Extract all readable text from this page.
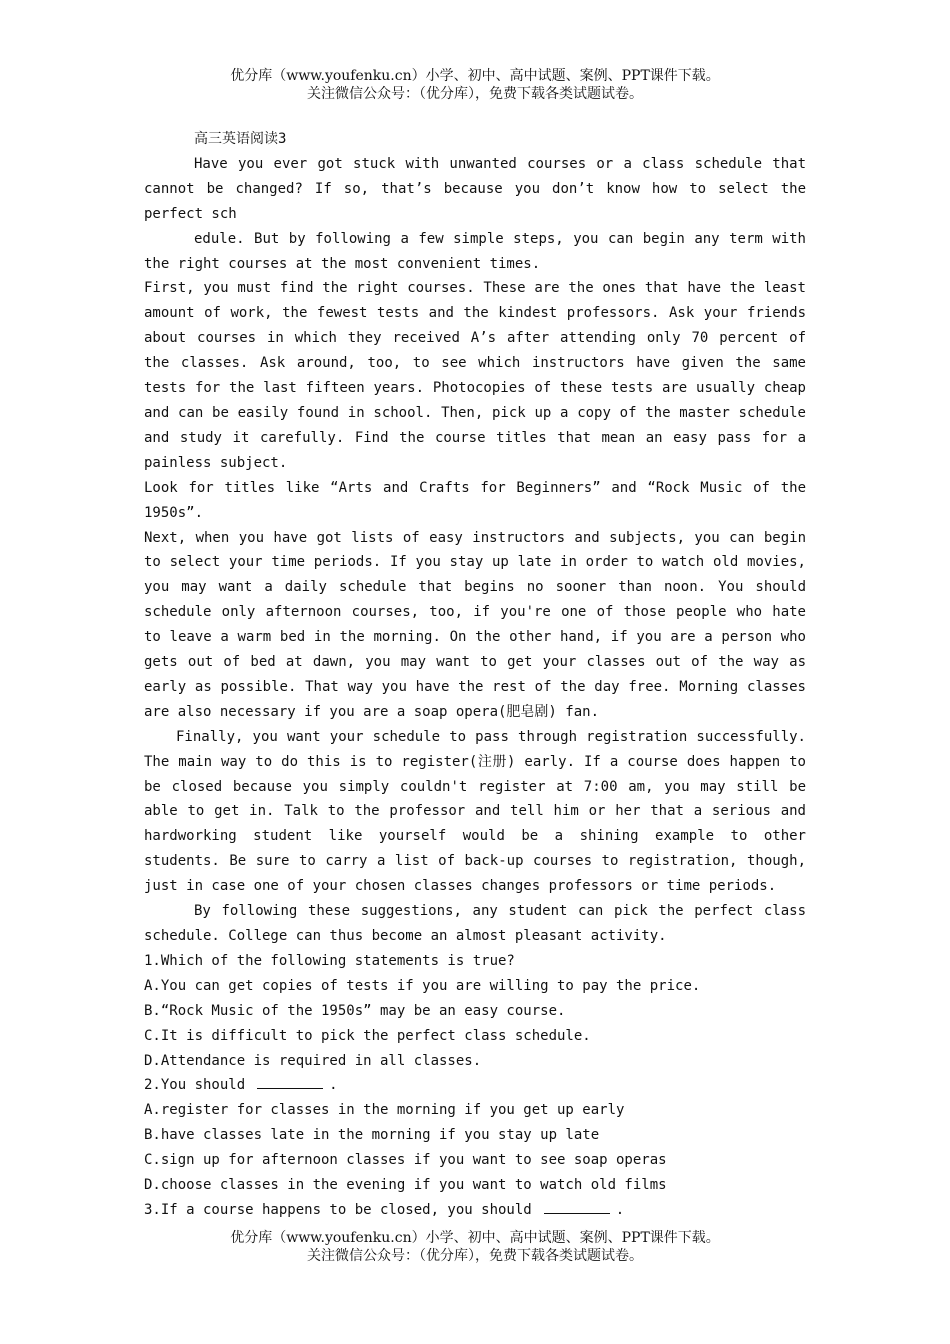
优分库（www.youfenku.cn）小学、初中、高中试题、案例、PPT课件下载。
关注微信公众号：（优分库），免费下载各类试题试卷。

高三英语阅读3

Have you ever got stuck with unwanted courses or a class schedule that cannot be changed? If so, that’s because you don’t know how to select the perfect sch

edule. But by following a few simple steps, you can begin any term with the right courses at the most convenient times.

First, you must find the right courses. These are the ones that have the least amount of work, the fewest tests and the kindest professors. Ask your friends about courses in which they received A’s after attending only 70 percent of the classes. Ask around, too, to see which instructors have given the same tests for the last fifteen years. Photocopies of these tests are usually cheap and can be easily found in school. Then, pick up a copy of the master schedule and study it carefully. Find the course titles that mean an easy pass for a painless subject.

Look for titles like “Arts and Crafts for Beginners” and “Rock Music of the 1950s”.

Next, when you have got lists of easy instructors and subjects, you can begin to select your time periods. If you stay up late in order to watch old movies, you may want a daily schedule that begins no sooner than noon. You should schedule only afternoon courses, too, if you're one of those people who hate to leave a warm bed in the morning. On the other hand, if you are a person who gets out of bed at dawn, you may want to get your classes out of the way as early as possible. That way you have the rest of the day free. Morning classes are also necessary if you are a soap opera(肥皂剧) fan.

Finally, you want your schedule to pass through registration successfully. The main way to do this is to register(注册) early. If a course does happen to be closed because you simply couldn't register at 7:00 am, you may still be able to get in. Talk to the professor and tell him or her that a serious and hardworking student like yourself would be a shining example to other students. Be sure to carry a list of back-up courses to registration, though, just in case one of your chosen classes changes professors or time periods.

By following these suggestions, any student can pick the perfect class schedule. College can thus become an almost pleasant activity.

1.Which of the following statements is true?

A.You can get copies of tests if you are willing to pay the price.

B.“Rock Music of the 1950s” may be an easy course.

C.It is difficult to pick the perfect class schedule.

D.Attendance is required in all classes.

2.You should	.

A.register for classes in the morning if you get up early

B.have classes late in the morning if you stay up late

C.sign up for afternoon classes if you want to see soap operas

D.choose classes in the evening if you want to watch old films

3.If a course happens to be closed, you should	.

优分库（www.youfenku.cn）小学、初中、高中试题、案例、PPT课件下载。
关注微信公众号：（优分库），免费下载各类试题试卷。
